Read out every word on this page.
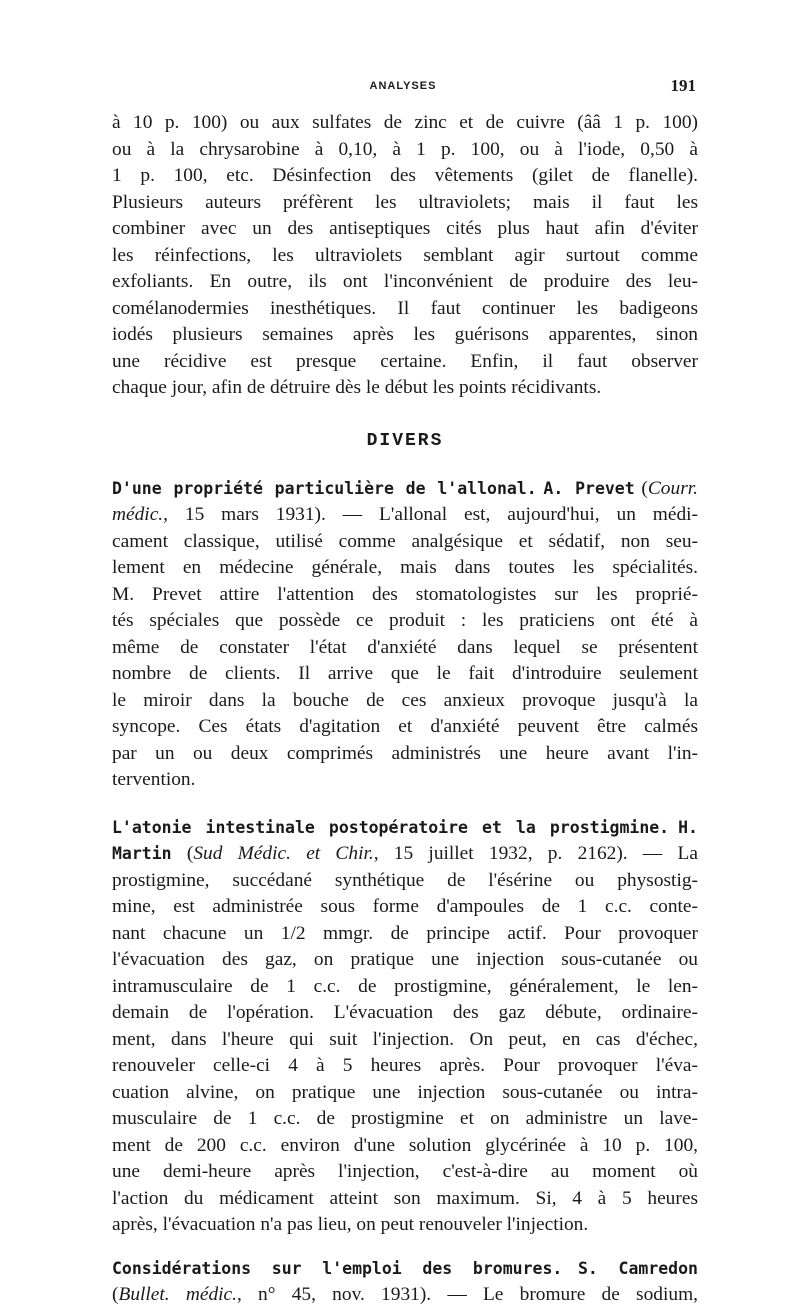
ANALYSES	191
à 10 p. 100) ou aux sulfates de zinc et de cuivre (ââ 1 p. 100)
ou à la chrysarobine à 0,10, à 1 p. 100, ou à l'iode, 0,50 à
1 p. 100, etc. Désinfection des vêtements (gilet de flanelle).
Plusieurs auteurs préfèrent les ultraviolets; mais il faut les
combiner avec un des antiseptiques cités plus haut afin d'éviter
les réinfections, les ultraviolets semblant agir surtout comme
exfoliants. En outre, ils ont l'inconvénient de produire des leu-
comélanodermies inesthétiques. Il faut continuer les badigeons
iodés plusieurs semaines après les guérisons apparentes, sinon
une récidive est presque certaine. Enfin, il faut observer
chaque jour, afin de détruire dès le début les points récidivants.
DIVERS
D'une propriété particulière de l'allonal. A. Prevet (Courr.
médic., 15 mars 1931). — L'allonal est, aujourd'hui, un médi-
cament classique, utilisé comme analgésique et sédatif, non seu-
lement en médecine générale, mais dans toutes les spécialités.
M. Prevet attire l'attention des stomatologistes sur les proprié-
tés spéciales que possède ce produit : les praticiens ont été à
même de constater l'état d'anxiété dans lequel se présentent
nombre de clients. Il arrive que le fait d'introduire seulement
le miroir dans la bouche de ces anxieux provoque jusqu'à la
syncope. Ces états d'agitation et d'anxiété peuvent être calmés
par un ou deux comprimés administrés une heure avant l'in-
tervention.
L'atonie intestinale postopératoire et la prostigmine. H.
Martin (Sud Médic. et Chir., 15 juillet 1932, p. 2162). — La
prostigmine, succédané synthétique de l'ésérine ou physostig-
mine, est administrée sous forme d'ampoules de 1 c.c. conte-
nant chacune un 1/2 mmgr. de principe actif. Pour provoquer
l'évacuation des gaz, on pratique une injection sous-cutanée ou
intramusculaire de 1 c.c. de prostigmine, généralement, le len-
demain de l'opération. L'évacuation des gaz débute, ordinaire-
ment, dans l'heure qui suit l'injection. On peut, en cas d'échec,
renouveler celle-ci 4 à 5 heures après. Pour provoquer l'éva-
cuation alvine, on pratique une injection sous-cutanée ou intra-
musculaire de 1 c.c. de prostigmine et on administre un lave-
ment de 200 c.c. environ d'une solution glycérinée à 10 p. 100,
une demi-heure après l'injection, c'est-à-dire au moment où
l'action du médicament atteint son maximum. Si, 4 à 5 heures
après, l'évacuation n'a pas lieu, on peut renouveler l'injection.
Considérations sur l'emploi des bromures. S. Camredon
(Bullet. médic., n° 45, nov. 1931). — Le bromure de sodium,
